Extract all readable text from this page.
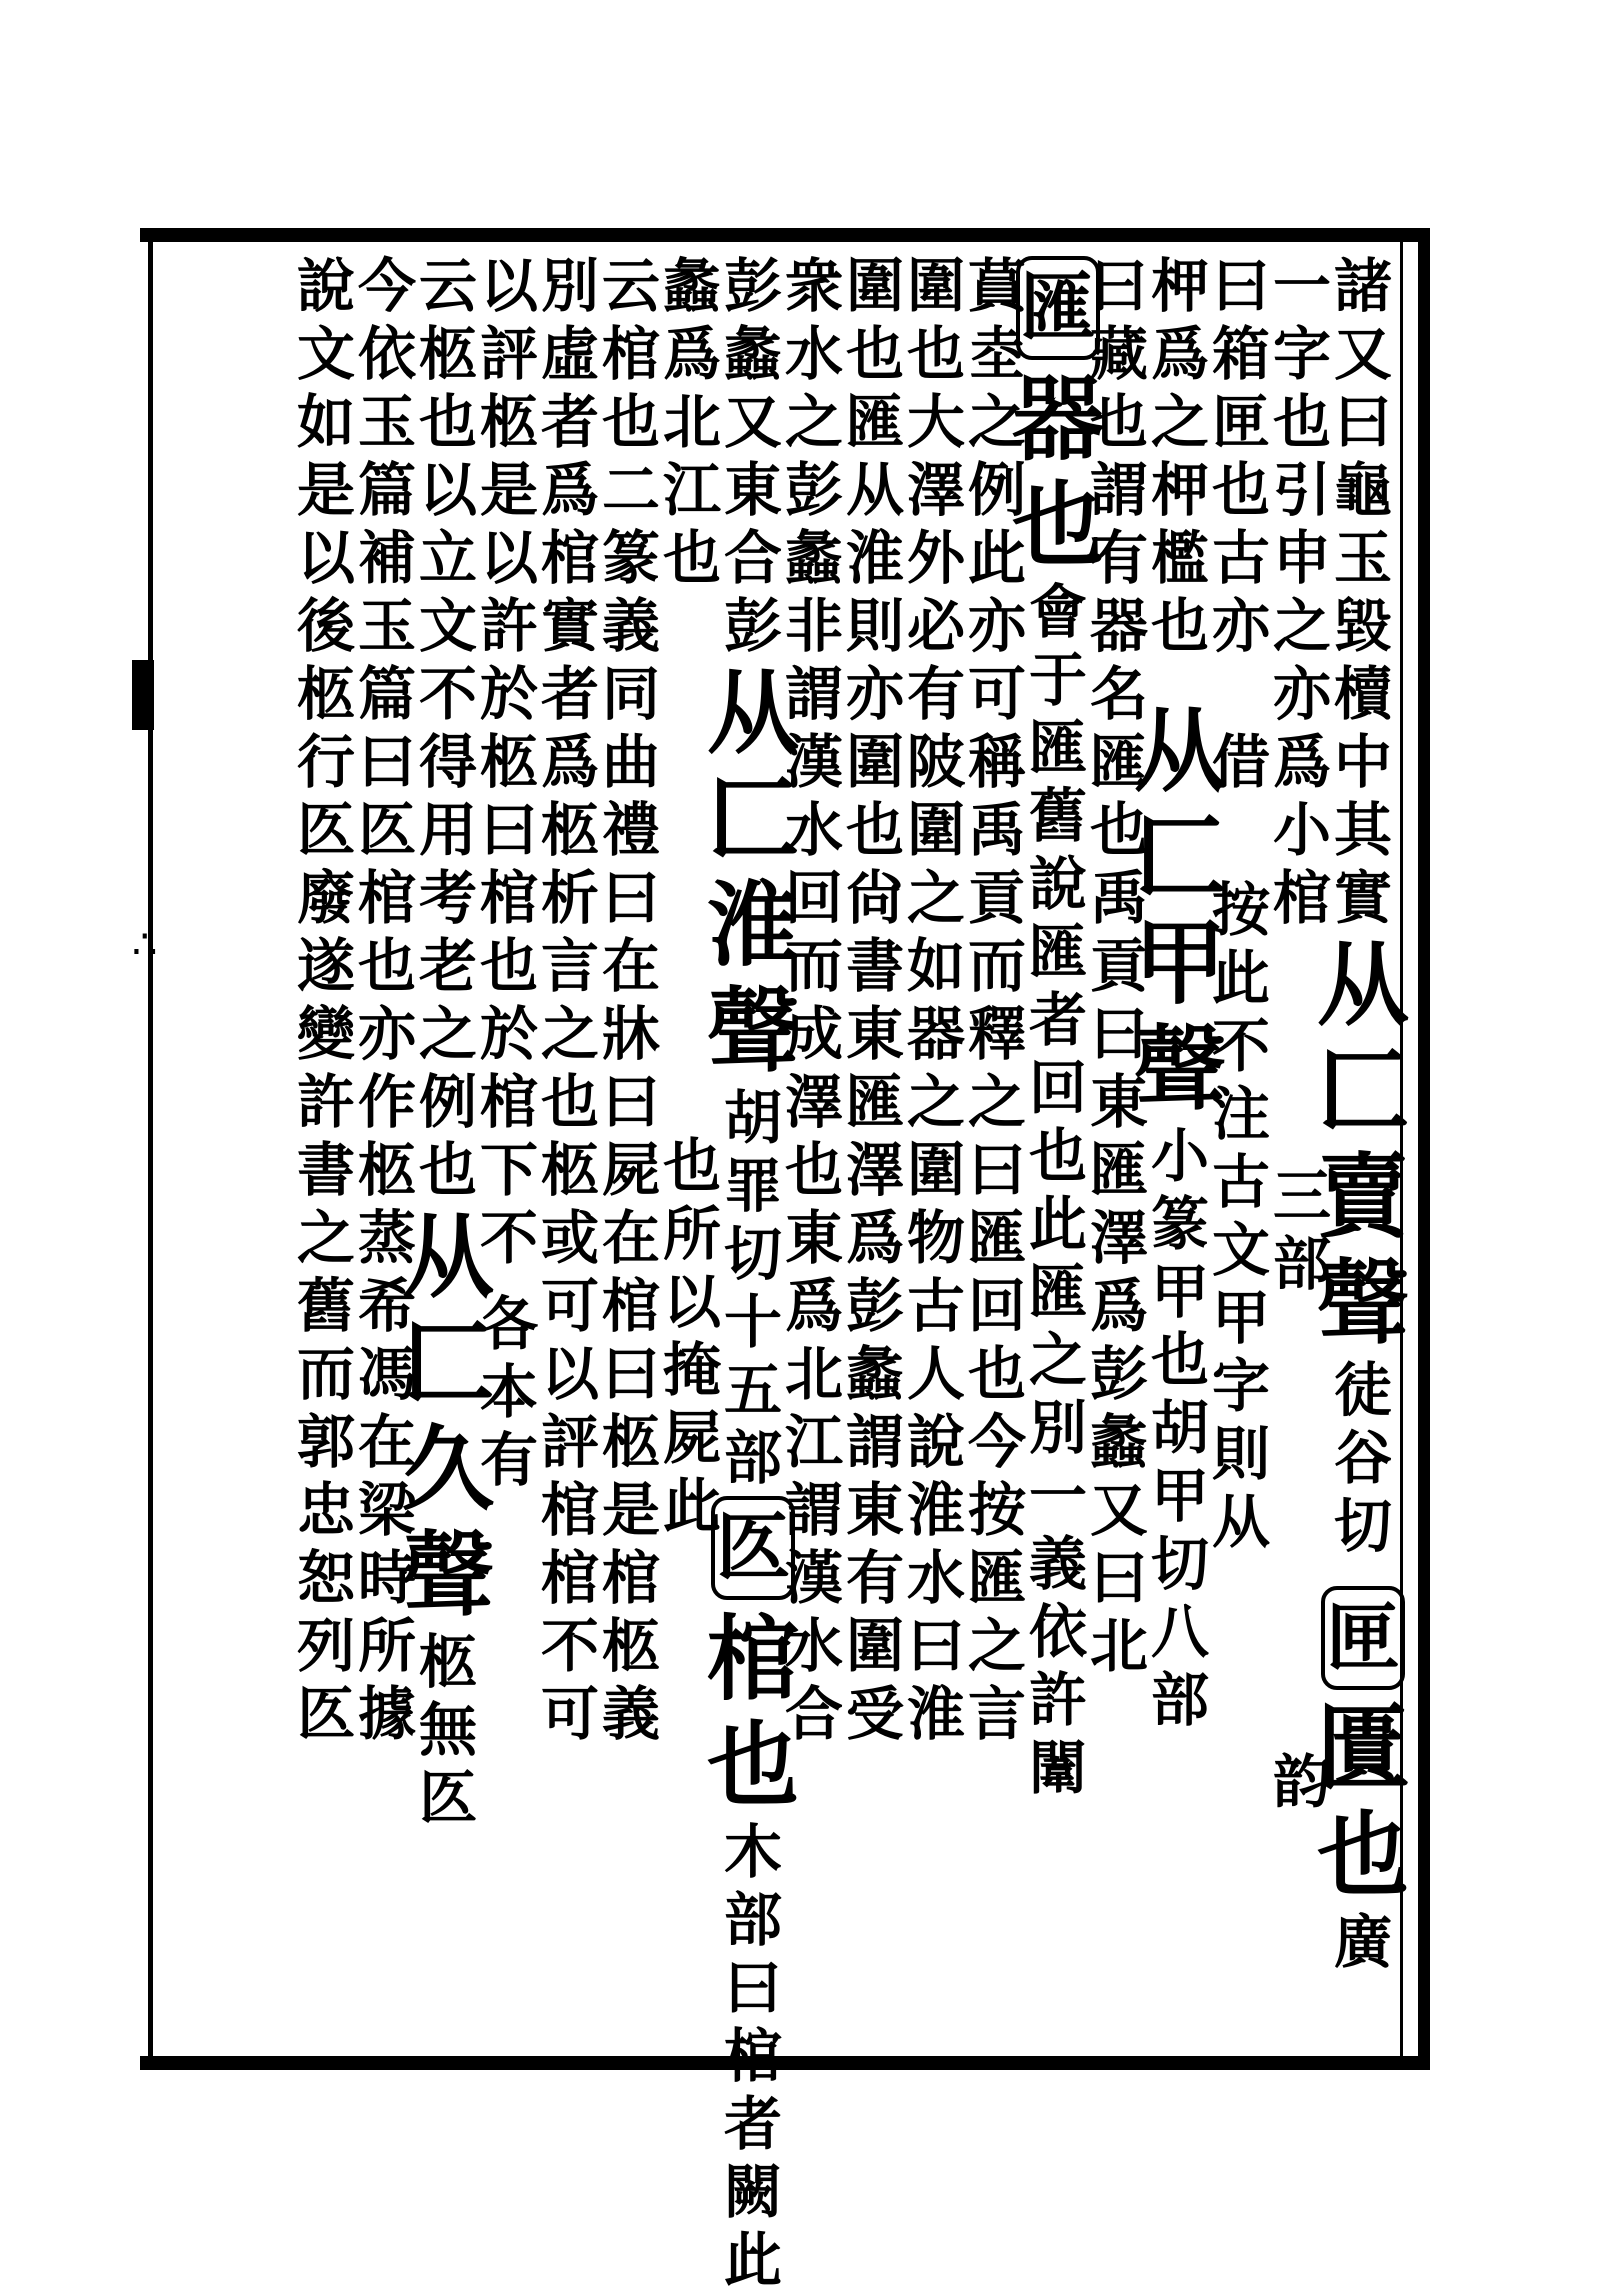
∴
諸
又
曰
龜
玉
毀
櫝
中
其
實
从
匚
賣
聲
徒
谷
切
匣
匱
也
廣
一
字
也
引
申
之
亦
爲
小
棺
三
部
韵
曰
箱
匣
也
古
亦
借
按
此
不
注
古
文
甲
字
則
从
柙
爲
之
柙
檻
也
从
匚
甲
聲
小
篆
甲
也
胡
甲
切
八
部
曰
藏
也
謂
有
器
名
匯
也
禹
貢
曰
東
匯
澤
爲
彭
蠡
又
曰
北
匯
器
也
會
于
匯
舊
說
匯
者
回
也
此
匯
之
別
一
義
依
許
闈
蒷
坴
之
例
此
亦
可
稱
禹
貢
而
釋
之
曰
匯
回
也
今
按
匯
之
言
圍
也
大
澤
外
必
有
陂
圍
之
如
器
之
圍
物
古
人
說
淮
水
曰
淮
圍
也
匯
从
淮
則
亦
圍
也
尙
書
東
匯
澤
爲
彭
蠡
謂
東
有
圍
受
衆
水
之
彭
蠡
非
謂
漢
水
回
而
成
澤
也
東
爲
北
江
謂
漢
水
合
彭
蠡
又
東
合
彭
从
匚
淮
聲
胡
罪
切
十
五
部
匛
棺
也
木
部
曰
棺
者
闕
此
蠡
爲
北
江
也
也
所
以
掩
屍
此
云
棺
也
二
篆
義
同
曲
禮
曰
在
牀
曰
屍
在
棺
曰
柩
是
棺
柩
義
別
虛
者
爲
棺
實
者
爲
柩
析
言
之
也
柩
或
可
以
評
棺
棺
不
可
以
評
柩
是
以
許
於
柩
曰
棺
也
於
棺
下
不
各
本
有
云
柩
也
以
立
文
不
得
用
考
老
之
例
也
从
匚
久
聲
柩
無
匛
今
依
玉
篇
補
玉
篇
曰
匛
棺
也
亦
作
柩
蒸
希
馮
在
梁
時
所
據
說
文
如
是
以
後
柩
行
匛
廢
遂
變
許
書
之
舊
而
郭
忠
恕
列
匛
